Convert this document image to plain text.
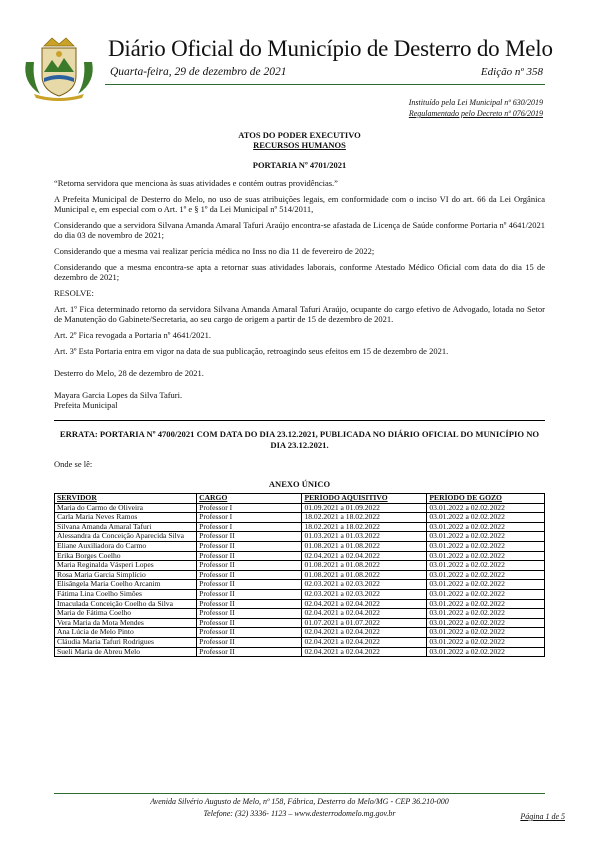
Diário Oficial do Município de Desterro do Melo
Quarta-feira, 29 de dezembro de 2021	Edição nº 358
Instituído pela Lei Municipal nº 630/2019
Regulamentado pelo Decreto nº 076/2019
ATOS DO PODER EXECUTIVO
RECURSOS HUMANOS
PORTARIA Nº 4701/2021

“Retorna servidora que menciona às suas atividades e contém outras providências.”

A Prefeita Municipal de Desterro do Melo, no uso de suas atribuições legais, em conformidade com o inciso VI do art. 66 da Lei Orgânica Municipal e, em especial com o Art. 1º e § 1º da Lei Municipal nº 514/2011,

Considerando que a servidora Silvana Amanda Amaral Tafuri Araújo encontra-se afastada de Licença de Saúde conforme Portaria nº 4641/2021 do dia 03 de novembro de 2021;

Considerando que a mesma vai realizar perícia médica no Inss no dia 11 de fevereiro de 2022;

Considerando que a mesma encontra-se apta a retornar suas atividades laborais, conforme Atestado Médico Oficial com data do dia 15 de dezembro de 2021;

RESOLVE:

Art. 1º Fica determinado retorno da servidora Silvana Amanda Amaral Tafuri Araújo, ocupante do cargo efetivo de Advogado, lotada no Setor de Manutenção do Gabinete/Secretaria, ao seu cargo de origem a partir de 15 de dezembro de 2021.

Art. 2º Fica revogada a Portaria nº 4641/2021.

Art. 3º Esta Portaria entra em vigor na data de sua publicação, retroagindo seus efeitos em 15 de dezembro de 2021.

Desterro do Melo, 28 de dezembro de 2021.

Mayara Garcia Lopes da Silva Tafuri.
Prefeita Municipal
ERRATA: PORTARIA Nº 4700/2021 COM DATA DO DIA 23.12.2021, PUBLICADA NO DIÁRIO OFICIAL DO MUNICÍPIO NO DIA 23.12.2021.

Onde se lê:

ANEXO ÚNICO
SERVIDOR	CARGO	PERÍODO AQUISITIVO	PERÍODO DE GOZO
Maria do Carmo de Oliveira	Professor I	01.09.2021 a 01.09.2022	03.01.2022 a 02.02.2022
Carla Maria Neves Ramos	Professor I	18.02.2021 a 18.02.2022	03.01.2022 a 02.02.2022
Silvana Amanda Amaral Tafuri	Professor I	18.02.2021 a 18.02.2022	03.01.2022 a 02.02.2022
Alessandra da Conceição Aparecida Silva	Professor II	01.03.2021 a 01.03.2022	03.01.2022 a 02.02.2022
Eliane Auxiliadora do Carmo	Professor II	01.08.2021 a 01.08.2022	03.01.2022 a 02.02.2022
Erika Borges Coelho	Professor II	02.04.2021 a 02.04.2022	03.01.2022 a 02.02.2022
Maria Reginalda Vásperi Lopes	Professor II	01.08.2021 a 01.08.2022	03.01.2022 a 02.02.2022
Rosa Maria Garcia Simplício	Professor II	01.08.2021 a 01.08.2022	03.01.2022 a 02.02.2022
Elisângela Maria Coelho Arcanim	Professor II	02.03.2021 a 02.03.2022	03.01.2022 a 02.02.2022
Fátima Lina Coelho Simões	Professor II	02.03.2021 a 02.03.2022	03.01.2022 a 02.02.2022
Imaculada Conceição Coelho da Silva	Professor II	02.04.2021 a 02.04.2022	03.01.2022 a 02.02.2022
Maria de Fátima Coelho	Professor II	02.04.2021 a 02.04.2022	03.01.2022 a 02.02.2022
Vera Maria da Mota Mendes	Professor II	01.07.2021 a 01.07.2022	03.01.2022 a 02.02.2022
Ana Lúcia de Melo Pinto	Professor II	02.04.2021 a 02.04.2022	03.01.2022 a 02.02.2022
Cláudia Maria Tafuri Rodrigues	Professor II	02.04.2021 a 02.04.2022	03.01.2022 a 02.02.2022
Sueli Maria de Abreu Melo	Professor II	02.04.2021 a 02.04.2022	03.01.2022 a 02.02.2022
Avenida Silvério Augusto de Melo, nº 158, Fábrica, Desterro do Melo/MG - CEP 36.210-000
Telefone: (32) 3336- 1123 – www.desterrodomelo.mg.gov.br	Página 1 de 5
